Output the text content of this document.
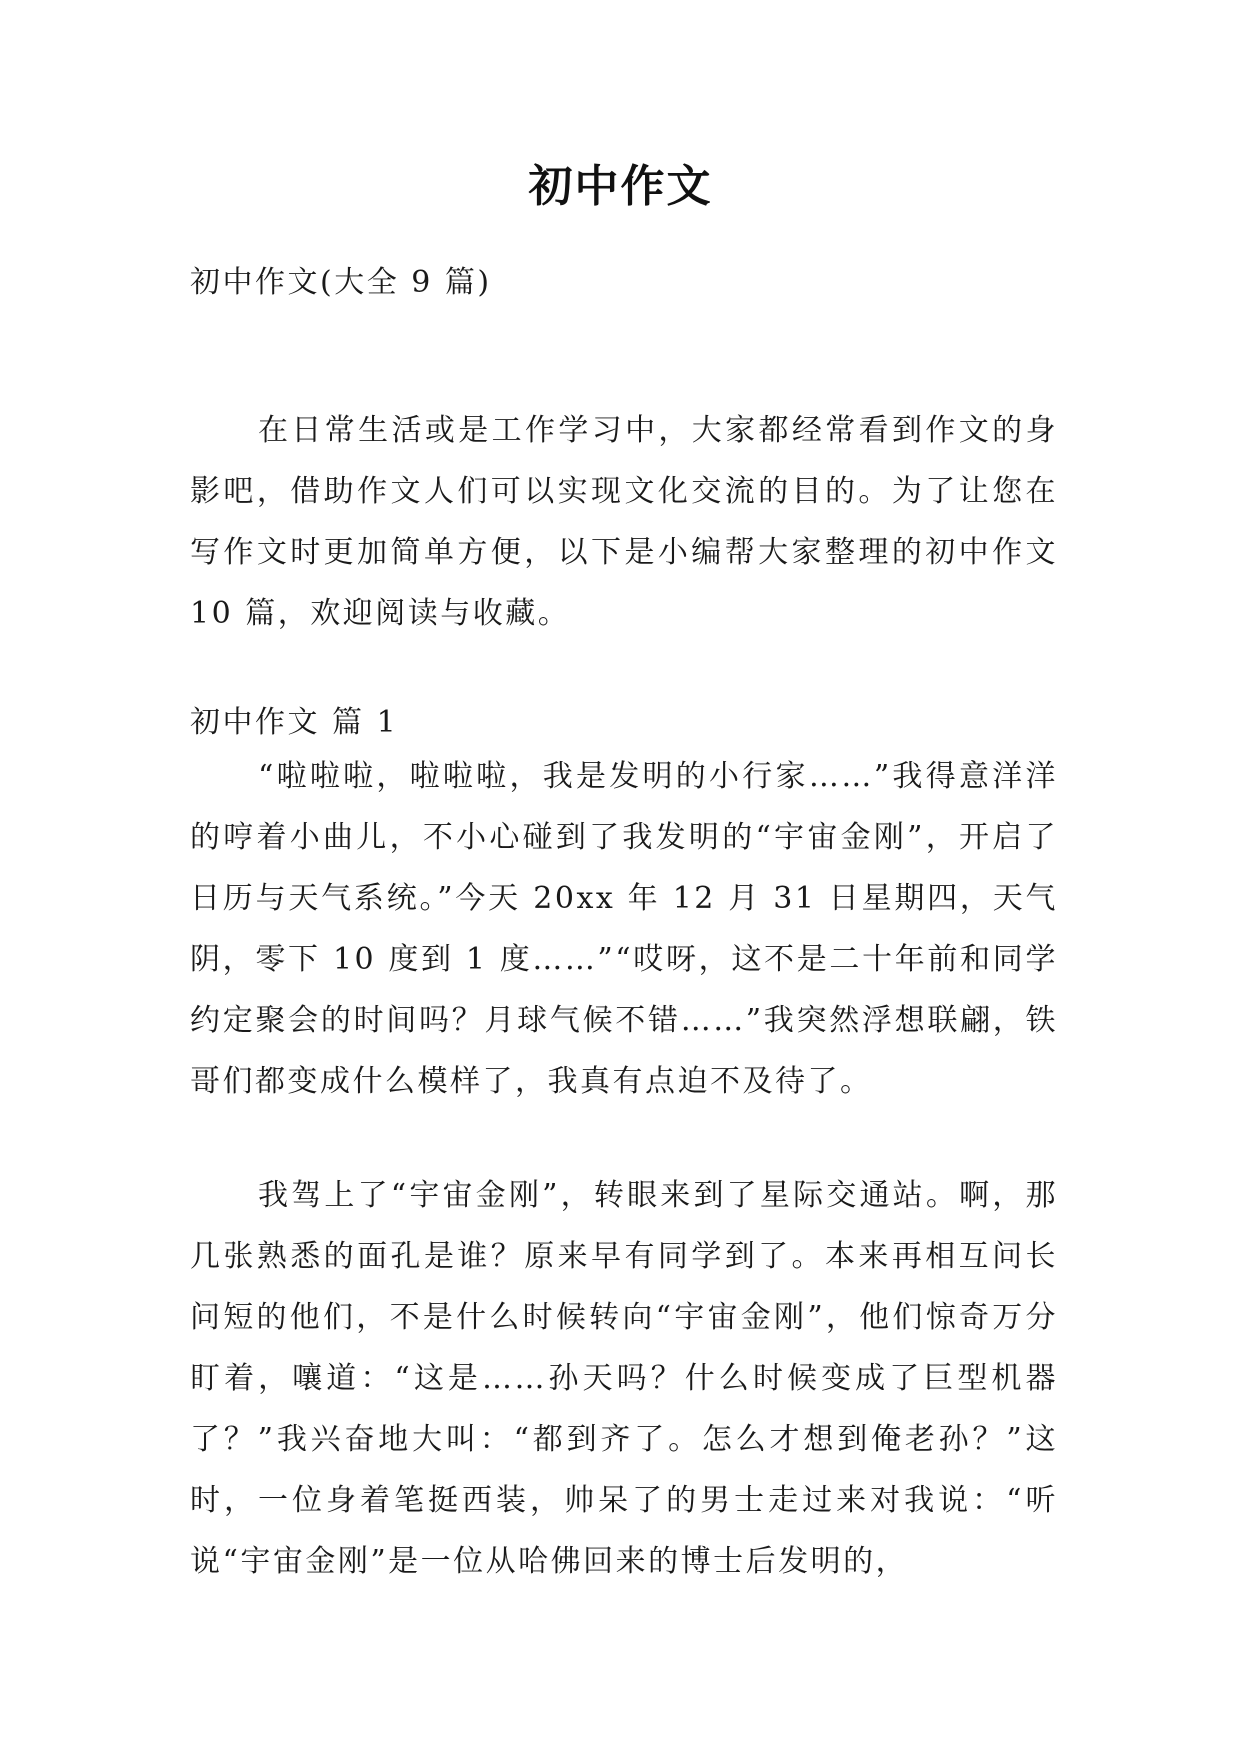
初中作文
初中作文(大全 9 篇)
在日常生活或是工作学习中，大家都经常看到作文的身影吧，借助作文人们可以实现文化交流的目的。为了让您在写作文时更加简单方便，以下是小编帮大家整理的初中作文 10 篇，欢迎阅读与收藏。
初中作文 篇 1
“啦啦啦，啦啦啦，我是发明的小行家……”我得意洋洋的哼着小曲儿，不小心碰到了我发明的“宇宙金刚”，开启了日历与天气系统。”今天 20xx 年 12 月 31 日星期四，天气阴，零下 10 度到 1 度……”“哎呀，这不是二十年前和同学约定聚会的时间吗？月球气候不错……”我突然浮想联翩，铁哥们都变成什么模样了，我真有点迫不及待了。
我驾上了“宇宙金刚”，转眼来到了星际交通站。啊，那几张熟悉的面孔是谁？原来早有同学到了。本来再相互问长问短的他们，不是什么时候转向“宇宙金刚”，他们惊奇万分盯着，嚷道：“这是……孙天吗？什么时候变成了巨型机器了？”我兴奋地大叫：“都到齐了。怎么才想到俺老孙？”这时，一位身着笔挺西装，帅呆了的男士走过来对我说：“听说“宇宙金刚”是一位从哈佛回来的博士后发明的，
